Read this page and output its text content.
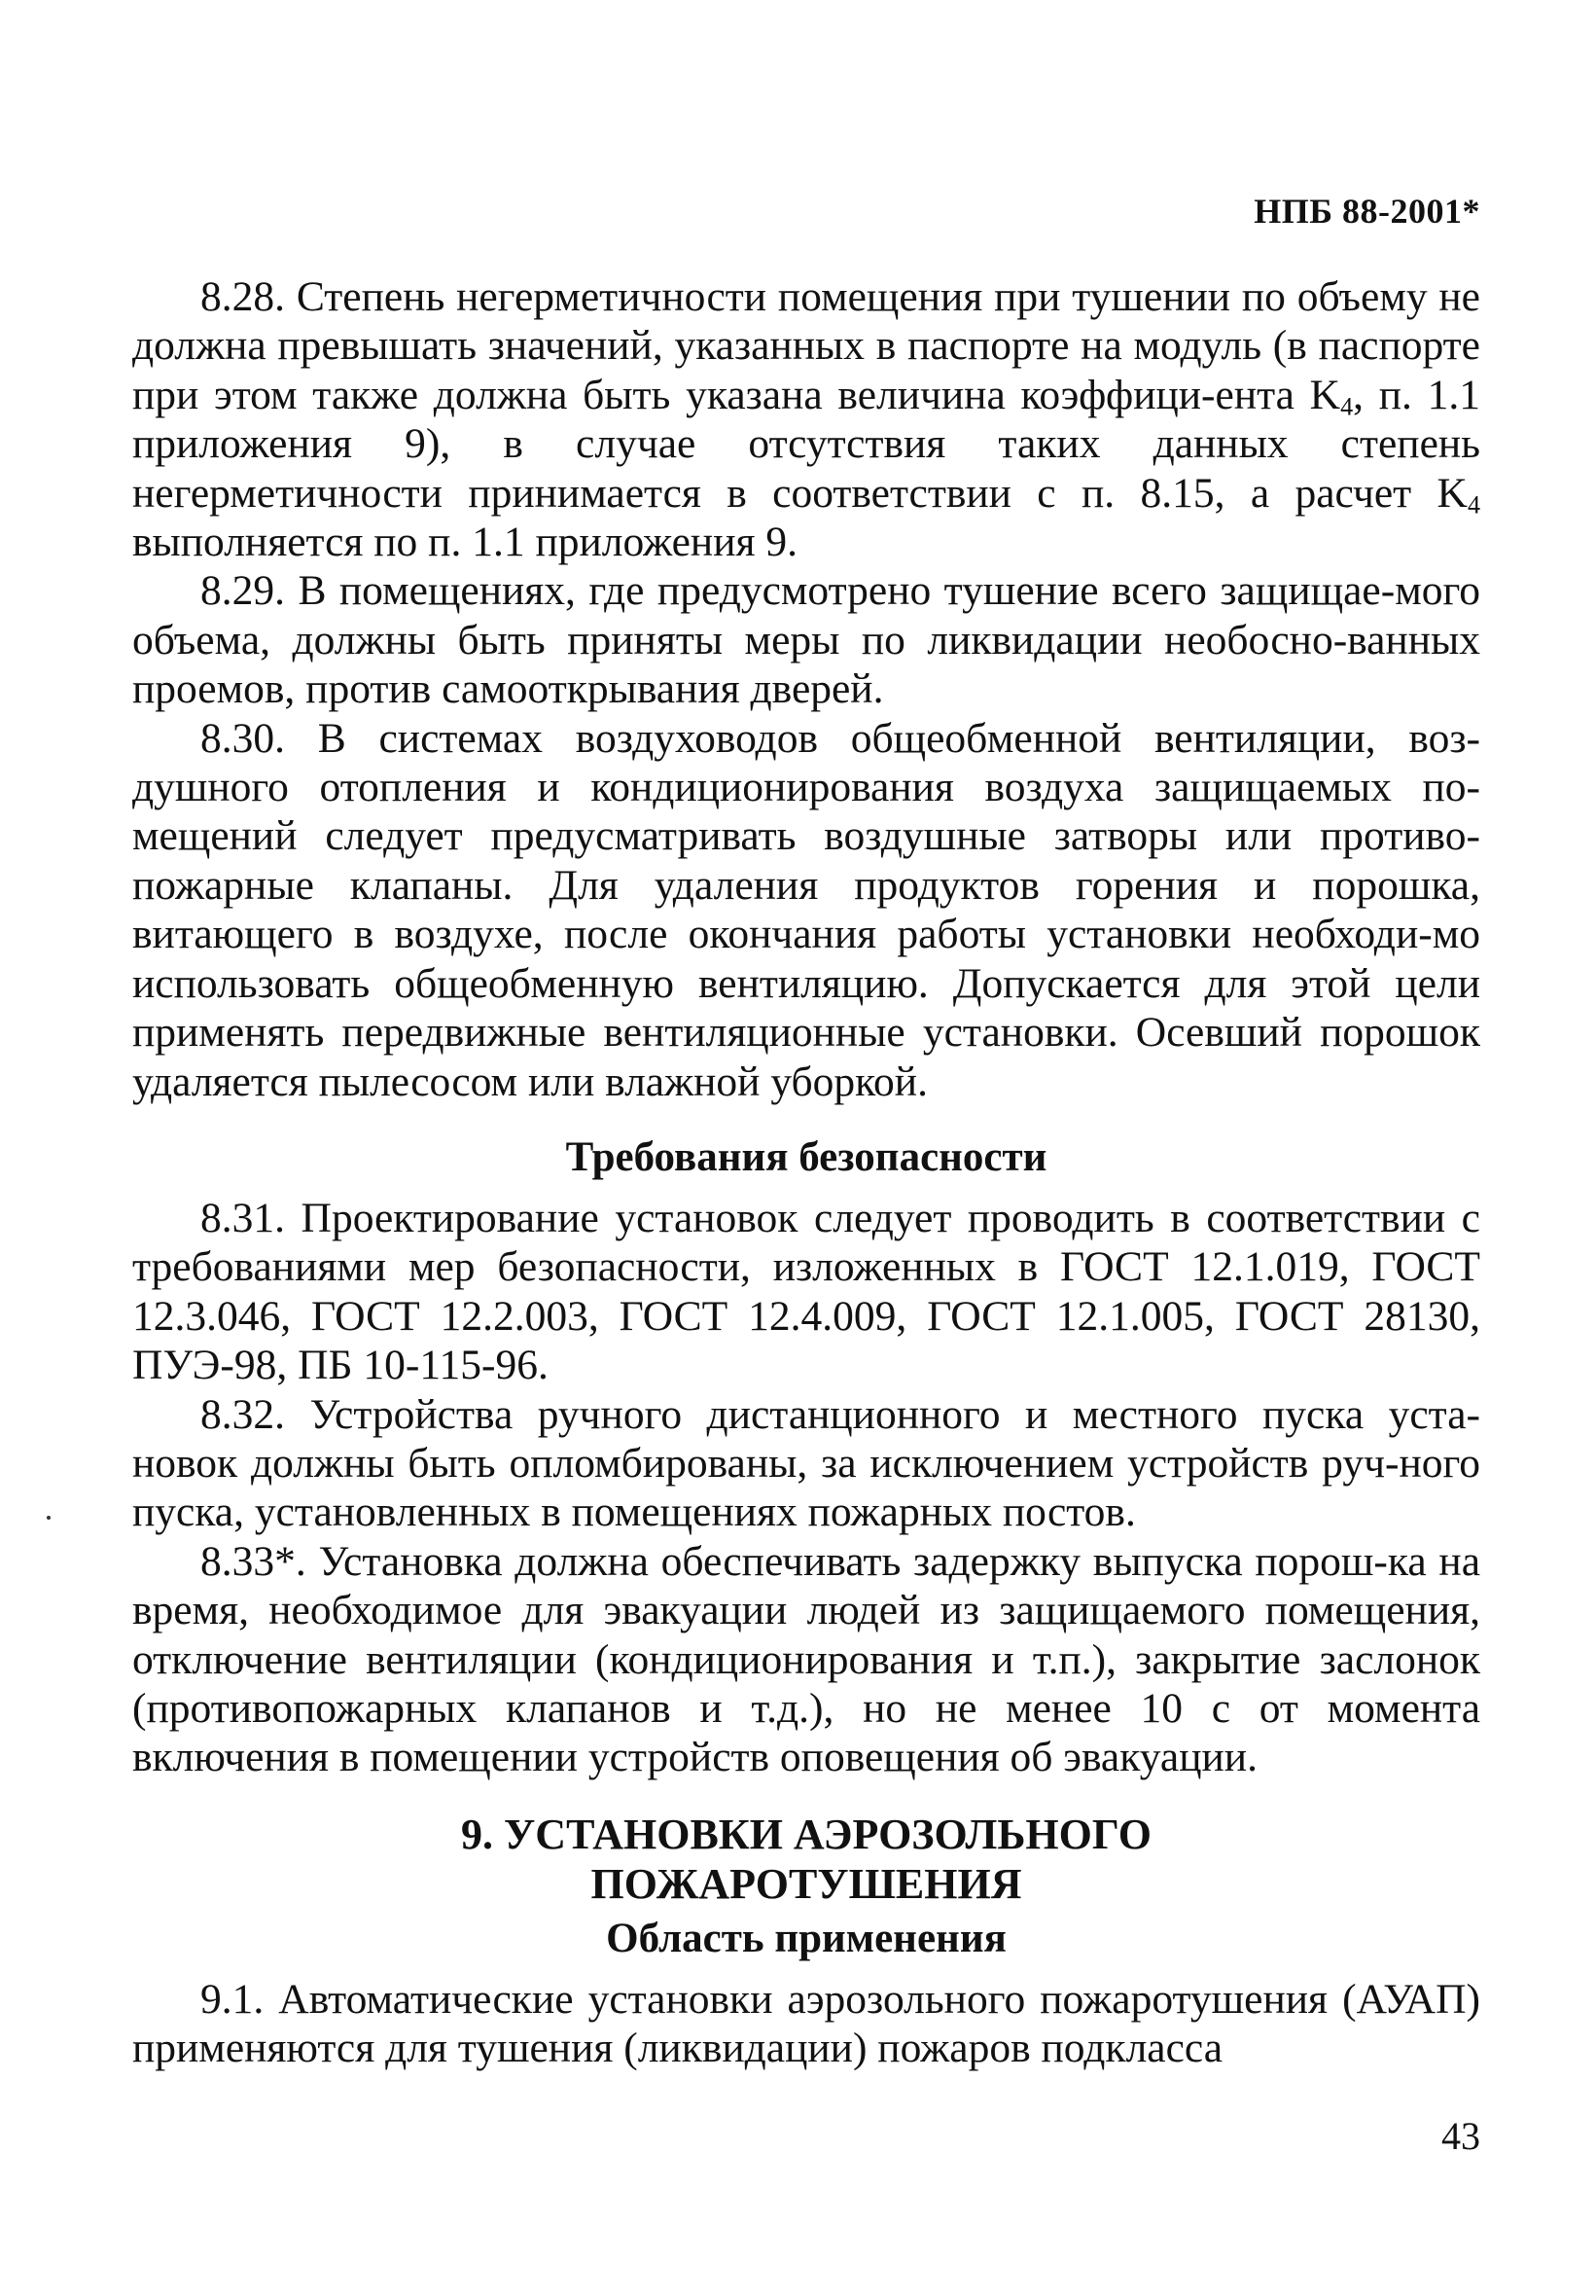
НПБ 88-2001*

8.28. Степень негерметичности помещения при тушении по объему не должна превышать значений, указанных в паспорте на модуль (в паспорте при этом также должна быть указана величина коэффици-ента $K_4$, п. 1.1 приложения 9), в случае отсутствия таких данных степень негерметичности принимается в соответствии с п. 8.15, а расчет $K_4$ выполняется по п. 1.1 приложения 9.

8.29. В помещениях, где предусмотрено тушение всего защищае-мого объема, должны быть приняты меры по ликвидации необосно-ванных проемов, против самооткрывания дверей.

8.30. В системах воздуховодов общеобменной вентиляции, воз-душного отопления и кондиционирования воздуха защищаемых по-мещений следует предусматривать воздушные затворы или противо-пожарные клапаны. Для удаления продуктов горения и порошка, витающего в воздухе, после окончания работы установки необходи-мо использовать общеобменную вентиляцию. Допускается для этой цели применять передвижные вентиляционные установки. Осевший порошок удаляется пылесосом или влажной уборкой.

Требования безопасности

8.31. Проектирование установок следует проводить в соответствии с требованиями мер безопасности, изложенных в ГОСТ 12.1.019, ГОСТ 12.3.046, ГОСТ 12.2.003, ГОСТ 12.4.009, ГОСТ 12.1.005, ГОСТ 28130, ПУЭ-98, ПБ 10-115-96.

8.32. Устройства ручного дистанционного и местного пуска уста-новок должны быть опломбированы, за исключением устройств руч-ного пуска, установленных в помещениях пожарных постов.

8.33*. Установка должна обеспечивать задержку выпуска порош-ка на время, необходимое для эвакуации людей из защищаемого помещения, отключение вентиляции (кондиционирования и т.п.), закрытие заслонок (противопожарных клапанов и т.д.), но не менее 10 с от момента включения в помещении устройств оповещения об эвакуации.

9. УСТАНОВКИ АЭРОЗОЛЬНОГО
ПОЖАРОТУШЕНИЯ
Область применения

9.1. Автоматические установки аэрозольного пожаротушения (АУАП) применяются для тушения (ликвидации) пожаров подкласса

43
